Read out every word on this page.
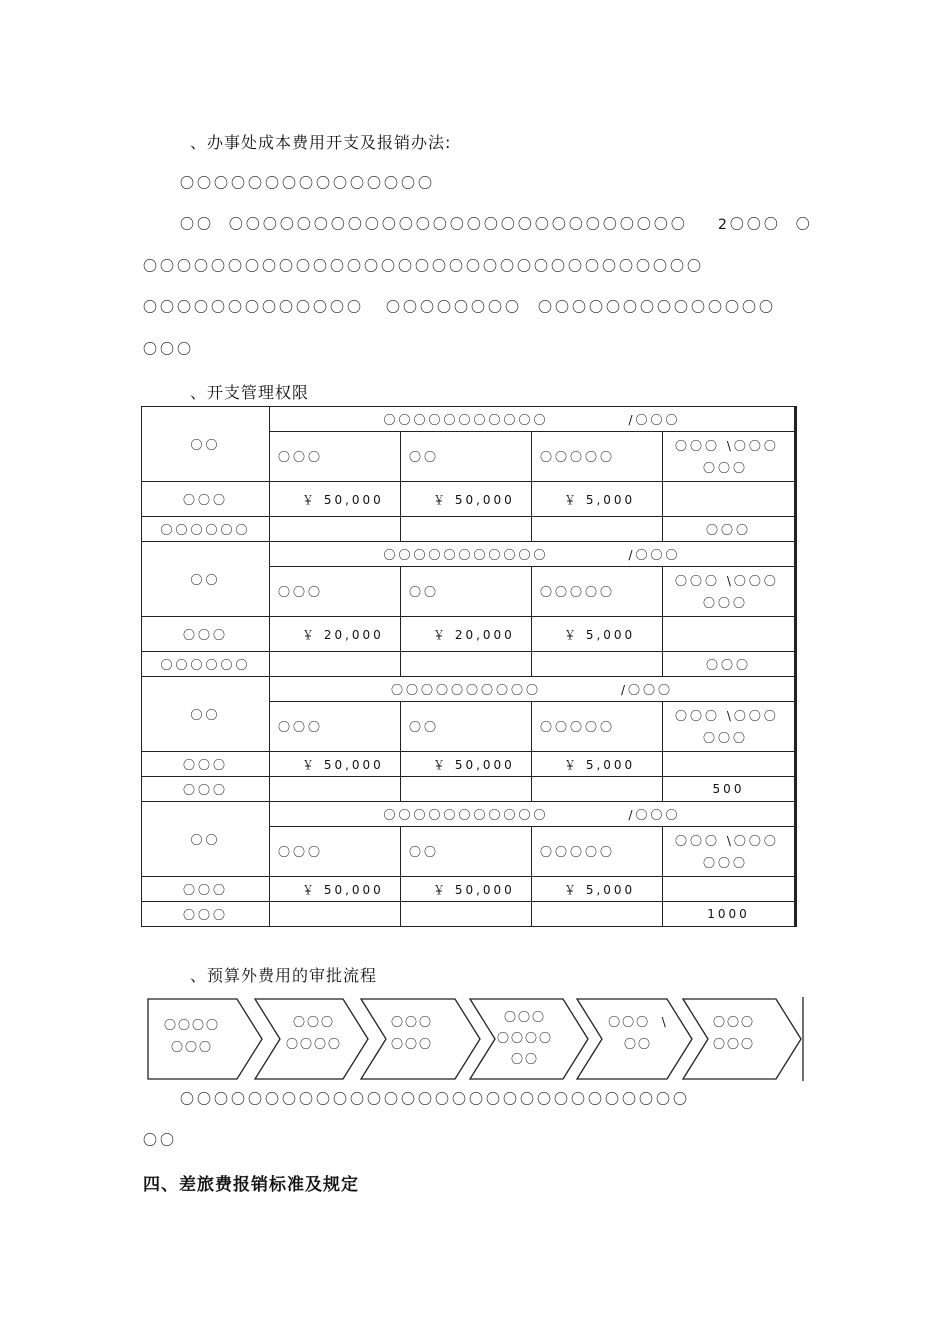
、办事处成本费用开支及报销办法:
〇〇〇〇〇〇〇〇〇〇〇〇〇〇〇
〇〇  〇〇〇〇〇〇〇〇〇〇〇〇〇〇〇〇〇〇〇〇〇〇〇〇〇〇〇 2〇〇〇  〇
〇〇〇〇〇〇〇〇〇〇〇〇〇〇〇〇〇〇〇〇〇〇〇〇〇〇〇〇〇〇〇〇〇
〇〇〇〇〇〇〇〇〇〇〇〇〇 〇〇〇〇〇〇〇〇 〇〇〇〇〇〇〇〇〇〇〇〇〇〇
〇〇〇
、开支管理权限
〇〇	〇〇〇〇〇〇〇〇〇〇〇 /〇〇〇			
	〇〇〇	〇〇	〇〇〇〇〇	〇〇〇 \〇〇〇
〇〇〇

〇〇〇	￥ 50,000	￥ 50,000	￥ 5,000	
〇〇〇〇〇〇				〇〇〇
〇〇	〇〇〇〇〇〇〇〇〇〇〇 /〇〇〇			
	〇〇〇	〇〇	〇〇〇〇〇	〇〇〇 \〇〇〇
〇〇〇

〇〇〇	￥ 20,000	￥ 20,000	￥ 5,000	
〇〇〇〇〇〇				〇〇〇
〇〇	〇〇〇〇〇〇〇〇〇〇 /〇〇〇			
	〇〇〇	〇〇	〇〇〇〇〇	〇〇〇 \〇〇〇
〇〇〇

〇〇〇	￥ 50,000	￥ 50,000	￥ 5,000	
〇〇〇				500
〇〇	〇〇〇〇〇〇〇〇〇〇〇 /〇〇〇			
	〇〇〇	〇〇	〇〇〇〇〇	〇〇〇 \〇〇〇
〇〇〇

〇〇〇	￥ 50,000	￥ 50,000	￥ 5,000	
〇〇〇				1000
、预算外费用的审批流程
〇〇〇〇
〇〇〇
〇〇〇
〇〇〇〇
〇〇〇
〇〇〇
〇〇〇
〇〇〇〇
〇〇
〇〇〇  \
〇〇
〇〇〇
〇〇〇
〇〇〇〇〇〇〇〇〇〇〇〇〇〇〇〇〇〇〇〇〇〇〇〇〇〇〇〇〇〇
〇〇
四、差旅费报销标准及规定
